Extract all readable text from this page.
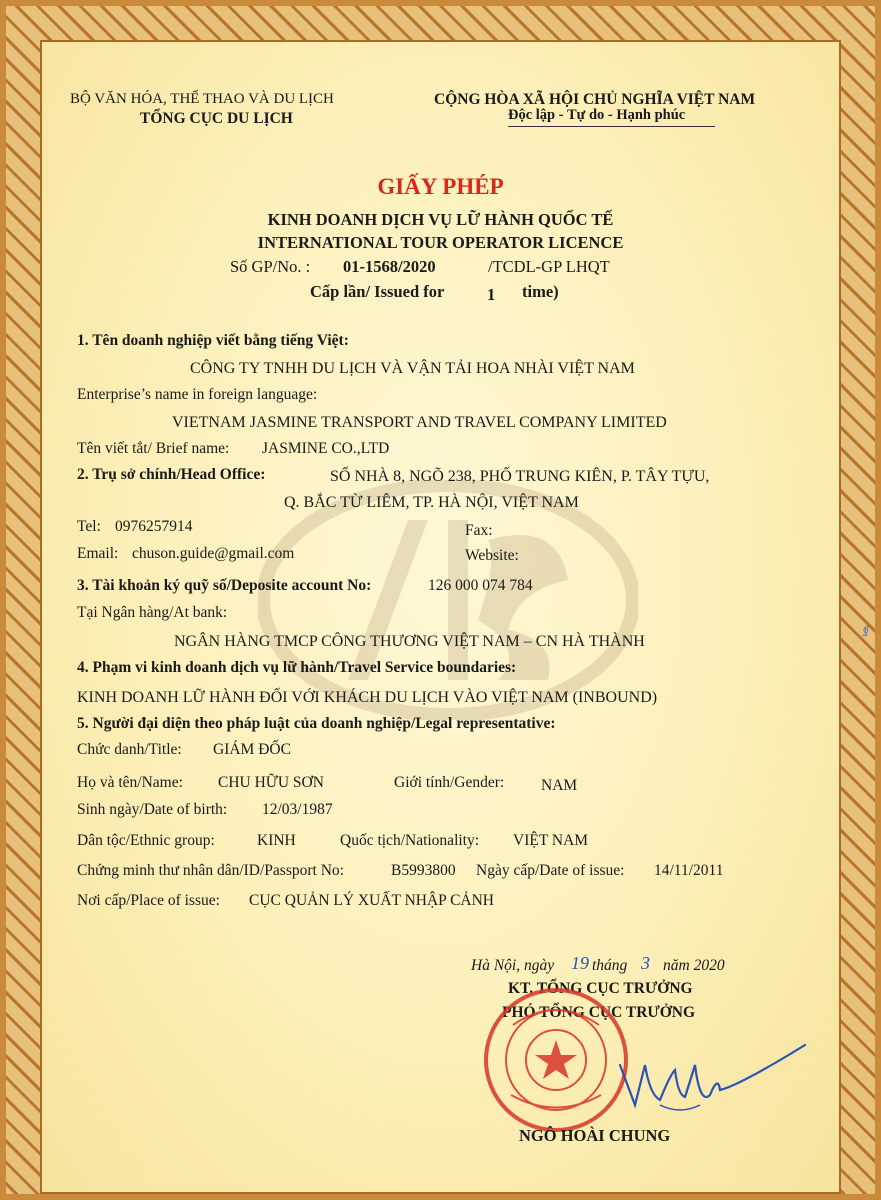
BỘ VĂN HÓA, THỂ THAO VÀ DU LỊCH
TỔNG CỤC DU LỊCH
CỘNG HÒA XÃ HỘI CHỦ NGHĨA VIỆT NAM
Độc lập - Tự do - Hạnh phúc
GIẤY PHÉP
KINH DOANH DỊCH VỤ LỮ HÀNH QUỐC TẾ
INTERNATIONAL TOUR OPERATOR LICENCE
Số GP/No. : 01-1568/2020	/TCDL-GP LHQT
Cấp lần/ Issued for	1 time)
1. Tên doanh nghiệp viết bằng tiếng Việt:
CÔNG TY TNHH DU LỊCH VÀ VẬN TẢI HOA NHÀI VIỆT NAM
Enterprise’s name in foreign language:
VIETNAM JASMINE TRANSPORT AND TRAVEL COMPANY LIMITED
Tên viết tắt/ Brief name: JASMINE CO.,LTD
2. Trụ sở chính/Head Office:	SỐ NHÀ 8, NGÕ 238, PHỐ TRUNG KIÊN, P. TÂY TỰU,
Q. BẮC TỪ LIÊM, TP. HÀ NỘI, VIỆT NAM
Tel: 0976257914	Fax:
Email: chuson.guide@gmail.com	Website:
3. Tài khoản ký quỹ số/Deposite account No:	126 000 074 784
Tại Ngân hàng/At bank:
NGÂN HÀNG TMCP CÔNG THƯƠNG VIỆT NAM – CN HÀ THÀNH
4. Phạm vi kinh doanh dịch vụ lữ hành/Travel Service boundaries:
KINH DOANH LỮ HÀNH ĐỐI VỚI KHÁCH DU LỊCH VÀO VIỆT NAM (INBOUND)
5. Người đại diện theo pháp luật của doanh nghiệp/Legal representative:
Chức danh/Title: GIÁM ĐỐC
Họ và tên/Name: CHU HỮU SƠN	Giới tính/Gender: NAM
Sinh ngày/Date of birth: 12/03/1987
Dân tộc/Ethnic group:	KINH	Quốc tịch/Nationality: VIỆT NAM
Chứng minh thư nhân dân/ID/Passport No:	B5993800 Ngày cấp/Date of issue: 14/11/2011
Nơi cấp/Place of issue: CỤC QUẢN LÝ XUẤT NHẬP CẢNH
Hà Nội, ngày 19 tháng 3 năm 2020
KT. TỔNG CỤC TRƯỞNG
PHÓ TỔNG CỤC TRƯỞNG
NGÔ HOÀI CHUNG
ฐ
